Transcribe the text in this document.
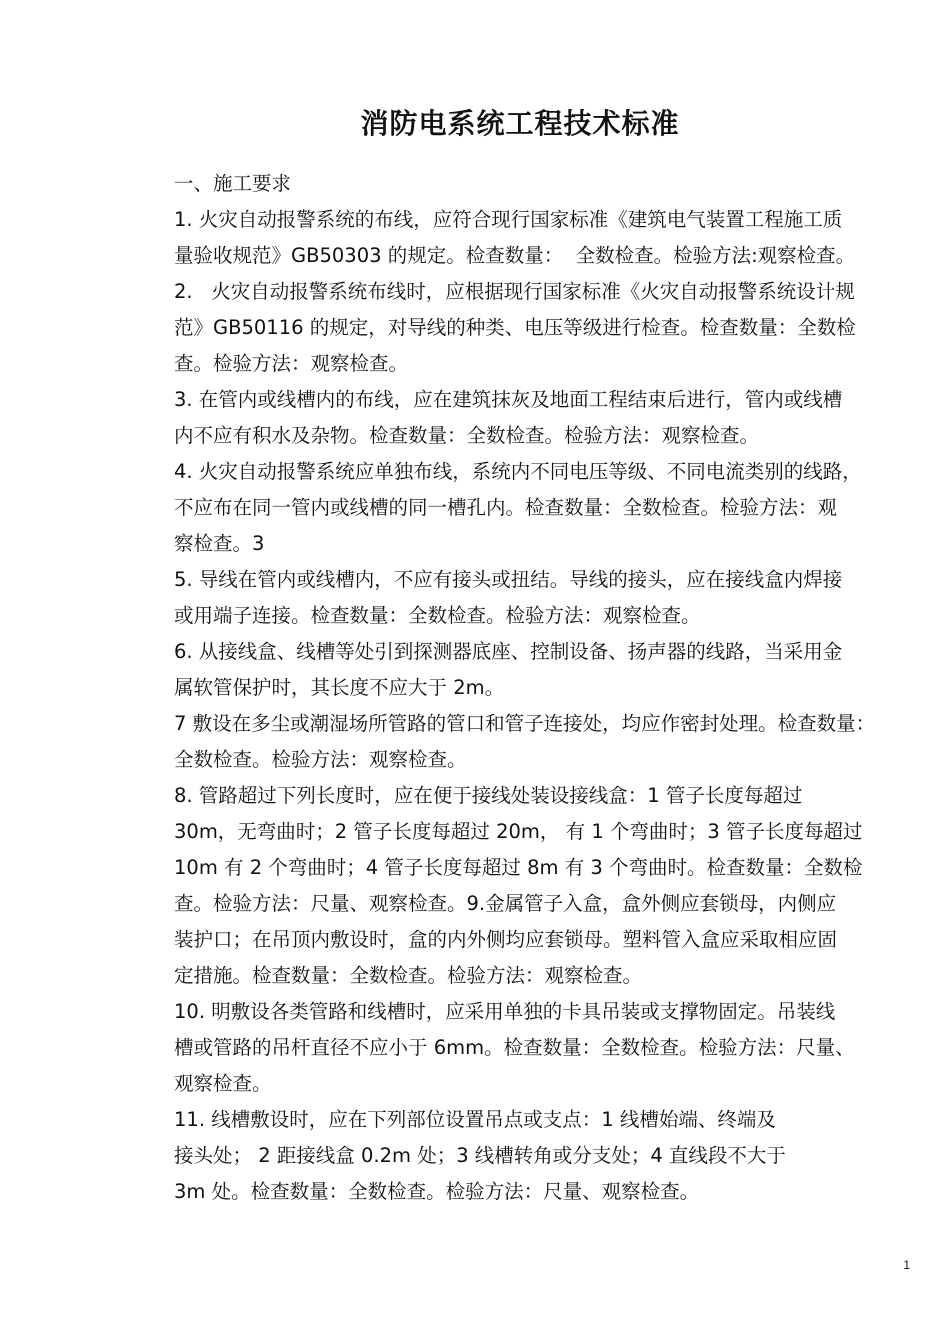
消防电系统工程技术标准

一、施工要求

1. 火灾自动报警系统的布线，应符合现行国家标准《建筑电气装置工程施工质

量验收规范》GB50303 的规定。检查数量：  全数检查。检验方法:观察检查。

2.   火灾自动报警系统布线时，应根据现行国家标准《火灾自动报警系统设计规

范》GB50116 的规定，对导线的种类、电压等级进行检查。检查数量：全数检

查。检验方法：观察检查。

3. 在管内或线槽内的布线，应在建筑抹灰及地面工程结束后进行，管内或线槽

内不应有积水及杂物。检查数量：全数检查。检验方法：观察检查。

4. 火灾自动报警系统应单独布线，系统内不同电压等级、不同电流类别的线路，

不应布在同一管内或线槽的同一槽孔内。检查数量：全数检查。检验方法：观

察检查。3

5. 导线在管内或线槽内，不应有接头或扭结。导线的接头，应在接线盒内焊接

或用端子连接。检查数量：全数检查。检验方法：观察检查。

6. 从接线盒、线槽等处引到探测器底座、控制设备、扬声器的线路，当采用金

属软管保护时，其长度不应大于 2m。

7 敷设在多尘或潮湿场所管路的管口和管子连接处，均应作密封处理。检查数量：

全数检查。检验方法：观察检查。

8. 管路超过下列长度时，应在便于接线处装设接线盒：1 管子长度每超过

30m，无弯曲时；2 管子长度每超过 20m， 有 1 个弯曲时；3 管子长度每超过

10m 有 2 个弯曲时；4 管子长度每超过 8m 有 3 个弯曲时。检查数量：全数检

查。检验方法：尺量、观察检查。9.金属管子入盒，盒外侧应套锁母，内侧应

装护口；在吊顶内敷设时，盒的内外侧均应套锁母。塑料管入盒应采取相应固

定措施。检查数量：全数检查。检验方法：观察检查。

10. 明敷设各类管路和线槽时，应采用单独的卡具吊装或支撑物固定。吊装线

槽或管路的吊杆直径不应小于 6mm。检查数量：全数检查。检验方法：尺量、

观察检查。

11. 线槽敷设时，应在下列部位设置吊点或支点：1 线槽始端、终端及

接头处； 2 距接线盒 0.2m 处；3 线槽转角或分支处；4 直线段不大于

3m 处。检查数量：全数检查。检验方法：尺量、观察检查。

1
